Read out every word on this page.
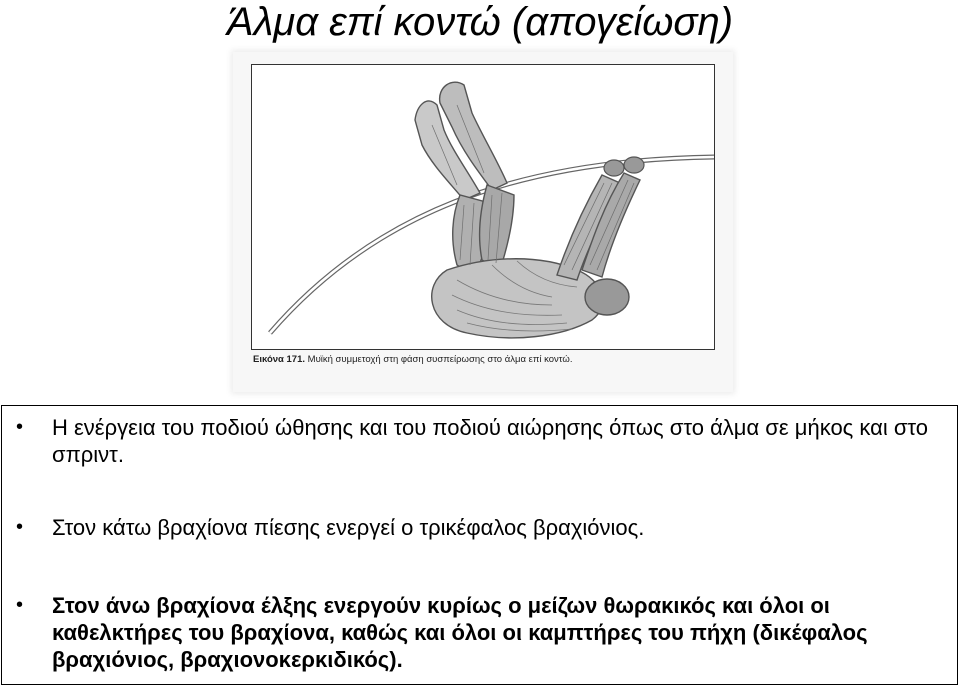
Άλμα επί κοντώ (απογείωση)
Εικόνα 171. Μυϊκή συμμετοχή στη φάση συσπείρωσης στο άλμα επί κοντώ.
• Η ενέργεια του ποδιού ώθησης και του ποδιού αιώρησης όπως στο άλμα σε μήκος και στο σπριντ.
• Στον κάτω βραχίονα πίεσης ενεργεί ο τρικέφαλος βραχιόνιος.
• Στον άνω βραχίονα έλξης ενεργούν κυρίως ο μείζων θωρακικός και όλοι οι καθελκτήρες του βραχίονα, καθώς και όλοι οι καμπτήρες του πήχη (δικέφαλος βραχιόνιος, βραχιονοκερκιδικός).
